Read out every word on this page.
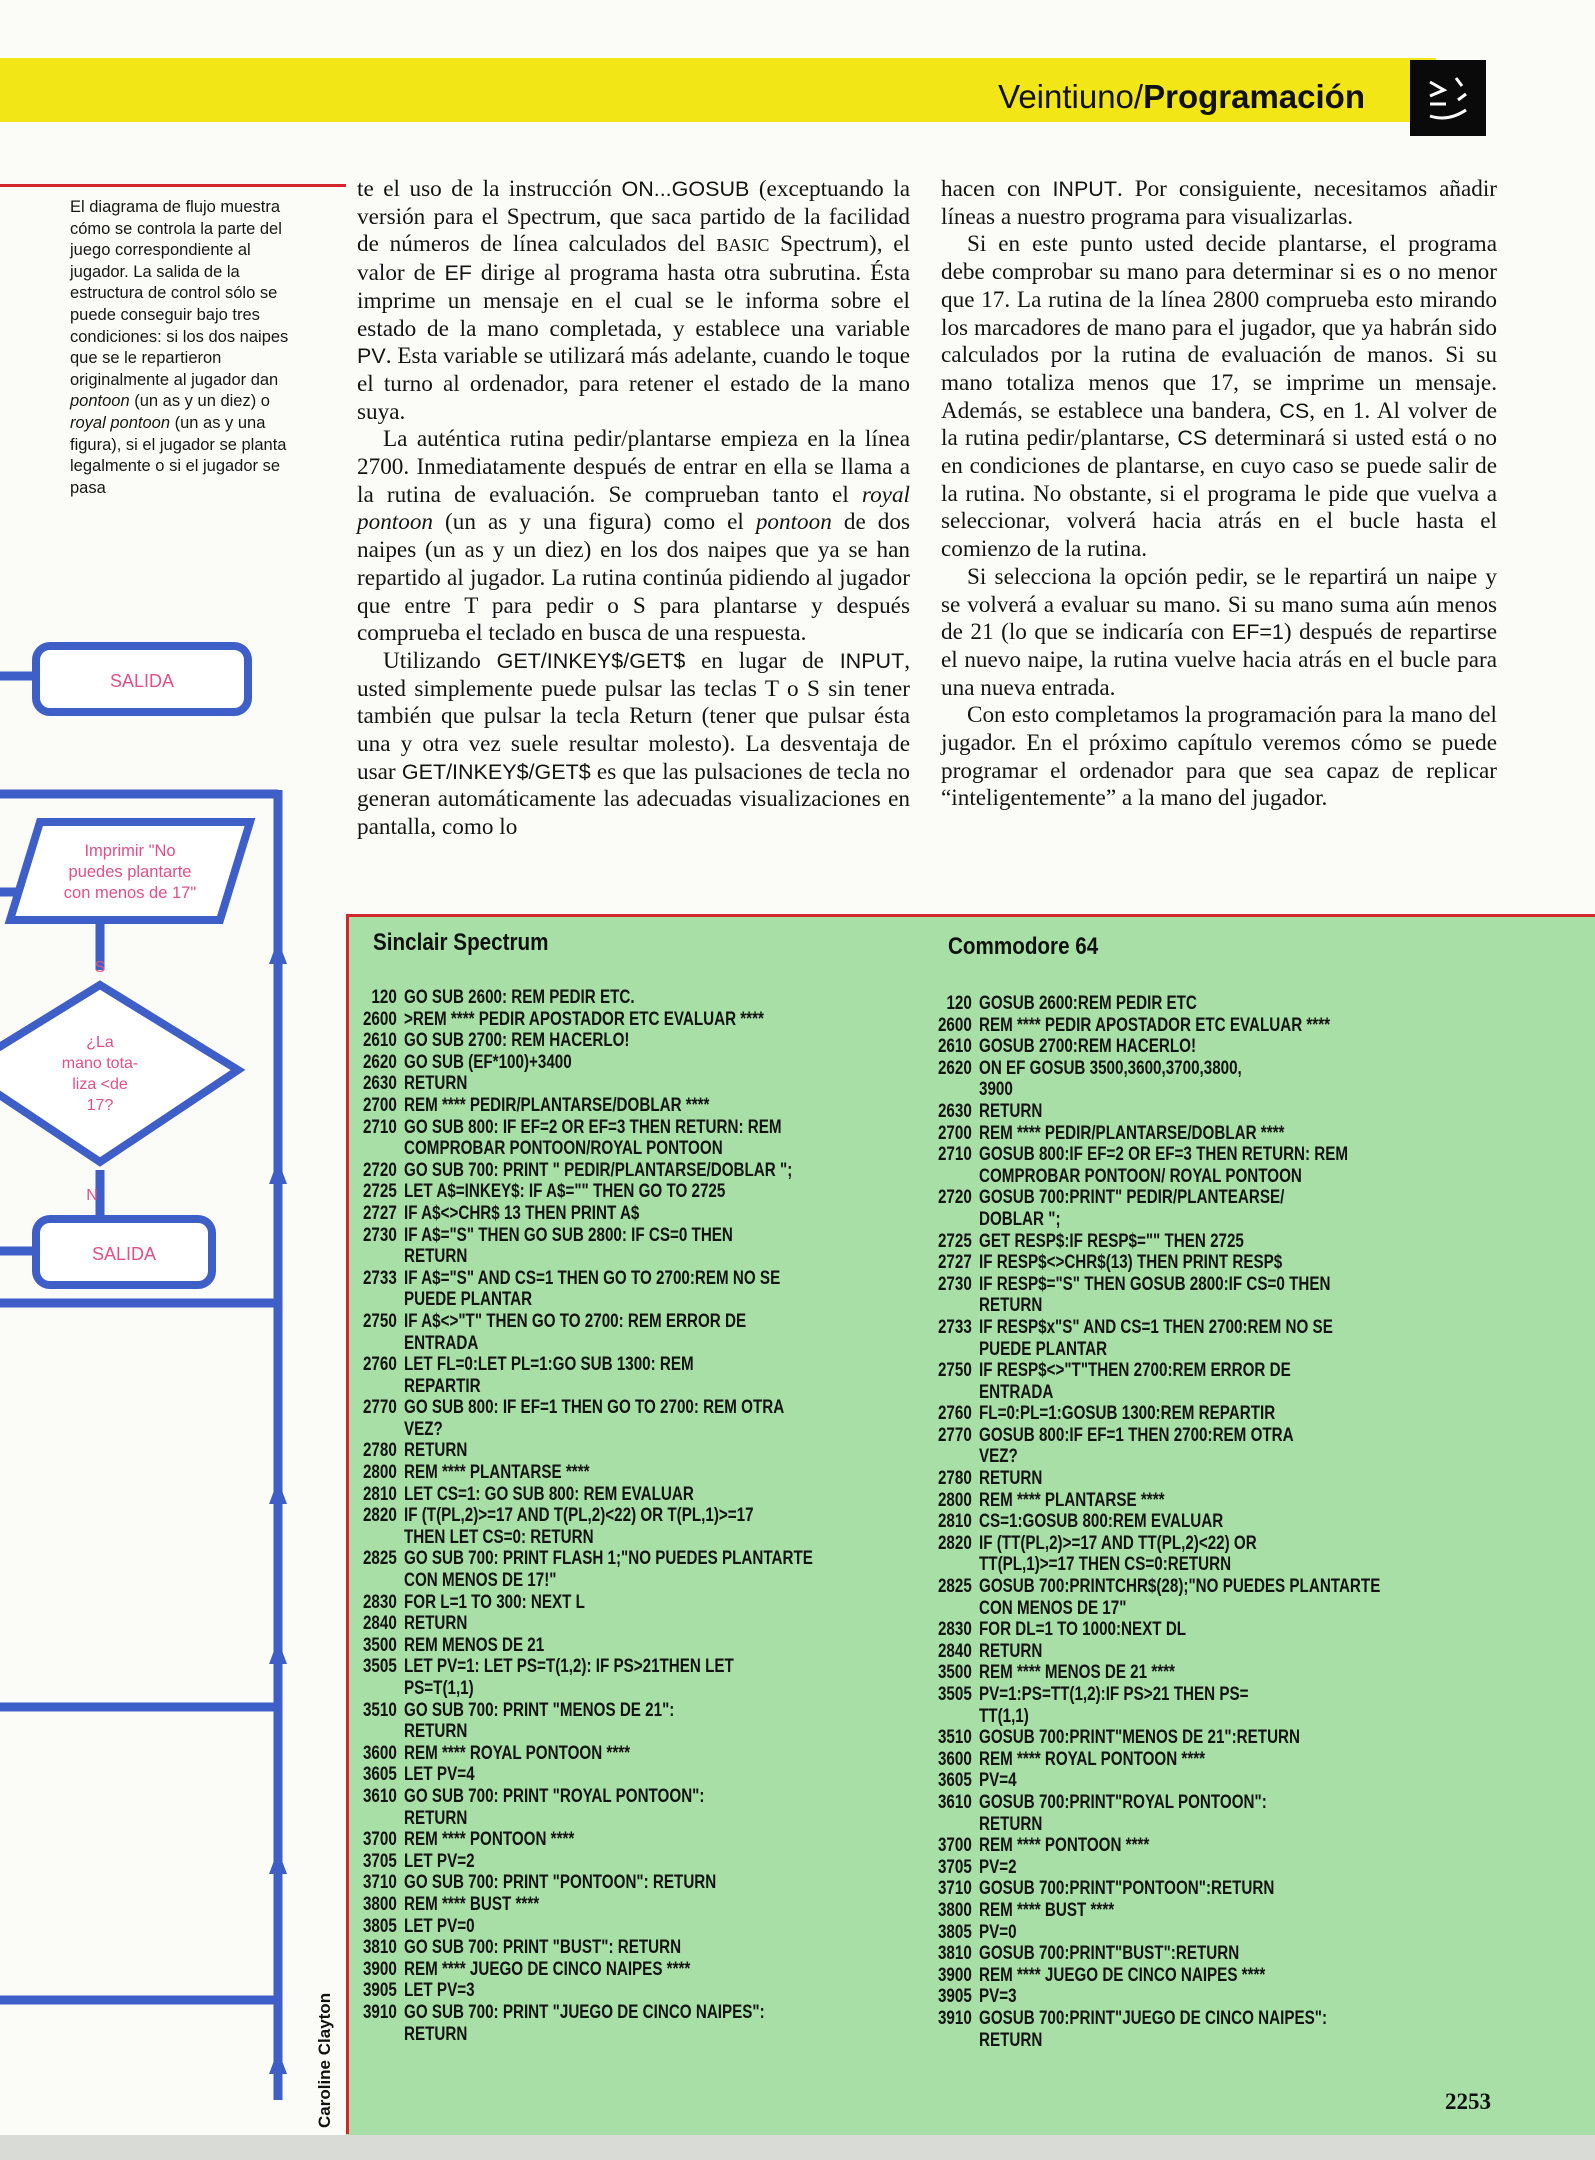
Veintiuno/Programación
El diagrama de flujo muestra cómo se controla la parte del juego correspondiente al jugador. La salida de la estructura de control sólo se puede conseguir bajo tres condiciones: si los dos naipes que se le repartieron originalmente al jugador dan pontoon (un as y un diez) o royal pontoon (un as y una figura), si el jugador se planta legalmente o si el jugador se pasa
SALIDA
Imprimir "No
puedes plantarte
con menos de 17"
S
¿La
mano tota-
liza <de
17?
N
SALIDA

te el uso de la instrucción ON...GOSUB (exceptuando la versión para el Spectrum, que saca partido de la facilidad de números de línea calculados del BASIC Spectrum), el valor de EF dirige al programa hasta otra subrutina. Ésta imprime un mensaje en el cual se le informa sobre el estado de la mano completada, y establece una variable PV. Esta variable se utilizará más adelante, cuando le toque el turno al ordenador, para retener el estado de la mano suya.

La auténtica rutina pedir/plantarse empieza en la línea 2700. Inmediatamente después de entrar en ella se llama a la rutina de evaluación. Se comprueban tanto el royal pontoon (un as y una figura) como el pontoon de dos naipes (un as y un diez) en los dos naipes que ya se han repartido al jugador. La rutina continúa pidiendo al jugador que entre T para pedir o S para plantarse y después comprueba el teclado en busca de una respuesta.

Utilizando GET/INKEY$/GET$ en lugar de INPUT, usted simplemente puede pulsar las teclas T o S sin tener también que pulsar la tecla Return (tener que pulsar ésta una y otra vez suele resultar molesto). La desventaja de usar GET/INKEY$/GET$ es que las pulsaciones de tecla no generan automáticamente las adecuadas visualizaciones en pantalla, como lo

hacen con INPUT. Por consiguiente, necesitamos añadir líneas a nuestro programa para visualizarlas.

Si en este punto usted decide plantarse, el programa debe comprobar su mano para determinar si es o no menor que 17. La rutina de la línea 2800 comprueba esto mirando los marcadores de mano para el jugador, que ya habrán sido calculados por la rutina de evaluación de manos. Si su mano totaliza menos que 17, se imprime un mensaje. Además, se establece una bandera, CS, en 1. Al volver de la rutina pedir/plantarse, CS determinará si usted está o no en condiciones de plantarse, en cuyo caso se puede salir de la rutina. No obstante, si el programa le pide que vuelva a seleccionar, volverá hacia atrás en el bucle hasta el comienzo de la rutina.

Si selecciona la opción pedir, se le repartirá un naipe y se volverá a evaluar su mano. Si su mano suma aún menos de 21 (lo que se indicaría con EF=1) después de repartirse el nuevo naipe, la rutina vuelve hacia atrás en el bucle para una nueva entrada.

Con esto completamos la programación para la mano del jugador. En el próximo capítulo veremos cómo se puede programar el ordenador para que sea capaz de replicar “inteligentemente” a la mano del jugador.

Sinclair Spectrum	Commodore 64
120 GO SUB 2600: REM PEDIR ETC.
2600 >REM **** PEDIR APOSTADOR ETC EVALUAR ****
2610 GO SUB 2700: REM HACERLO!
2620 GO SUB (EF*100)+3400
2630 RETURN
2700 REM **** PEDIR/PLANTARSE/DOBLAR ****
2710 GO SUB 800: IF EF=2 OR EF=3 THEN RETURN: REM
COMPROBAR PONTOON/ROYAL PONTOON
2720 GO SUB 700: PRINT " PEDIR/PLANTARSE/DOBLAR ";
2725 LET A$=INKEY$: IF A$="" THEN GO TO 2725
2727 IF A$<>CHR$ 13 THEN PRINT A$
2730 IF A$="S" THEN GO SUB 2800: IF CS=0 THEN
RETURN
2733 IF A$="S" AND CS=1 THEN GO TO 2700:REM NO SE
PUEDE PLANTAR
2750 IF A$<>"T" THEN GO TO 2700: REM ERROR DE
ENTRADA
2760 LET FL=0:LET PL=1:GO SUB 1300: REM
REPARTIR
2770 GO SUB 800: IF EF=1 THEN GO TO 2700: REM OTRA
VEZ?
2780 RETURN
2800 REM **** PLANTARSE ****
2810 LET CS=1: GO SUB 800: REM EVALUAR
2820 IF (T(PL,2)>=17 AND T(PL,2)<22) OR T(PL,1)>=17
THEN LET CS=0: RETURN
2825 GO SUB 700: PRINT FLASH 1;"NO PUEDES PLANTARTE
CON MENOS DE 17!"
2830 FOR L=1 TO 300: NEXT L
2840 RETURN
3500 REM MENOS DE 21
3505 LET PV=1: LET PS=T(1,2): IF PS>21THEN LET
PS=T(1,1)
3510 GO SUB 700: PRINT "MENOS DE 21":
RETURN
3600 REM **** ROYAL PONTOON ****
3605 LET PV=4
3610 GO SUB 700: PRINT "ROYAL PONTOON":
RETURN
3700 REM **** PONTOON ****
3705 LET PV=2
3710 GO SUB 700: PRINT "PONTOON": RETURN
3800 REM **** BUST ****
3805 LET PV=0
3810 GO SUB 700: PRINT "BUST": RETURN
3900 REM **** JUEGO DE CINCO NAIPES ****
3905 LET PV=3
3910 GO SUB 700: PRINT "JUEGO DE CINCO NAIPES":
RETURN
120 GOSUB 2600:REM PEDIR ETC
2600 REM **** PEDIR APOSTADOR ETC EVALUAR ****
2610 GOSUB 2700:REM HACERLO!
2620 ON EF GOSUB 3500,3600,3700,3800,
3900
2630 RETURN
2700 REM **** PEDIR/PLANTARSE/DOBLAR ****
2710 GOSUB 800:IF EF=2 OR EF=3 THEN RETURN: REM
COMPROBAR PONTOON/ ROYAL PONTOON
2720 GOSUB 700:PRINT" PEDIR/PLANTEARSE/
DOBLAR ";
2725 GET RESP$:IF RESP$="" THEN 2725
2727 IF RESP$<>CHR$(13) THEN PRINT RESP$
2730 IF RESP$="S" THEN GOSUB 2800:IF CS=0 THEN
RETURN
2733 IF RESP$x"S" AND CS=1 THEN 2700:REM NO SE
PUEDE PLANTAR
2750 IF RESP$<>"T"THEN 2700:REM ERROR DE
ENTRADA
2760 FL=0:PL=1:GOSUB 1300:REM REPARTIR
2770 GOSUB 800:IF EF=1 THEN 2700:REM OTRA
VEZ?
2780 RETURN
2800 REM **** PLANTARSE ****
2810 CS=1:GOSUB 800:REM EVALUAR
2820 IF (TT(PL,2)>=17 AND TT(PL,2)<22) OR
TT(PL,1)>=17 THEN CS=0:RETURN
2825 GOSUB 700:PRINTCHR$(28);"NO PUEDES PLANTARTE
CON MENOS DE 17"
2830 FOR DL=1 TO 1000:NEXT DL
2840 RETURN
3500 REM **** MENOS DE 21 ****
3505 PV=1:PS=TT(1,2):IF PS>21 THEN PS=
TT(1,1)
3510 GOSUB 700:PRINT"MENOS DE 21":RETURN
3600 REM **** ROYAL PONTOON ****
3605 PV=4
3610 GOSUB 700:PRINT"ROYAL PONTOON":
RETURN
3700 REM **** PONTOON ****
3705 PV=2
3710 GOSUB 700:PRINT"PONTOON":RETURN
3800 REM **** BUST ****
3805 PV=0
3810 GOSUB 700:PRINT"BUST":RETURN
3900 REM **** JUEGO DE CINCO NAIPES ****
3905 PV=3
3910 GOSUB 700:PRINT"JUEGO DE CINCO NAIPES":
RETURN
Caroline Clayton	2253
